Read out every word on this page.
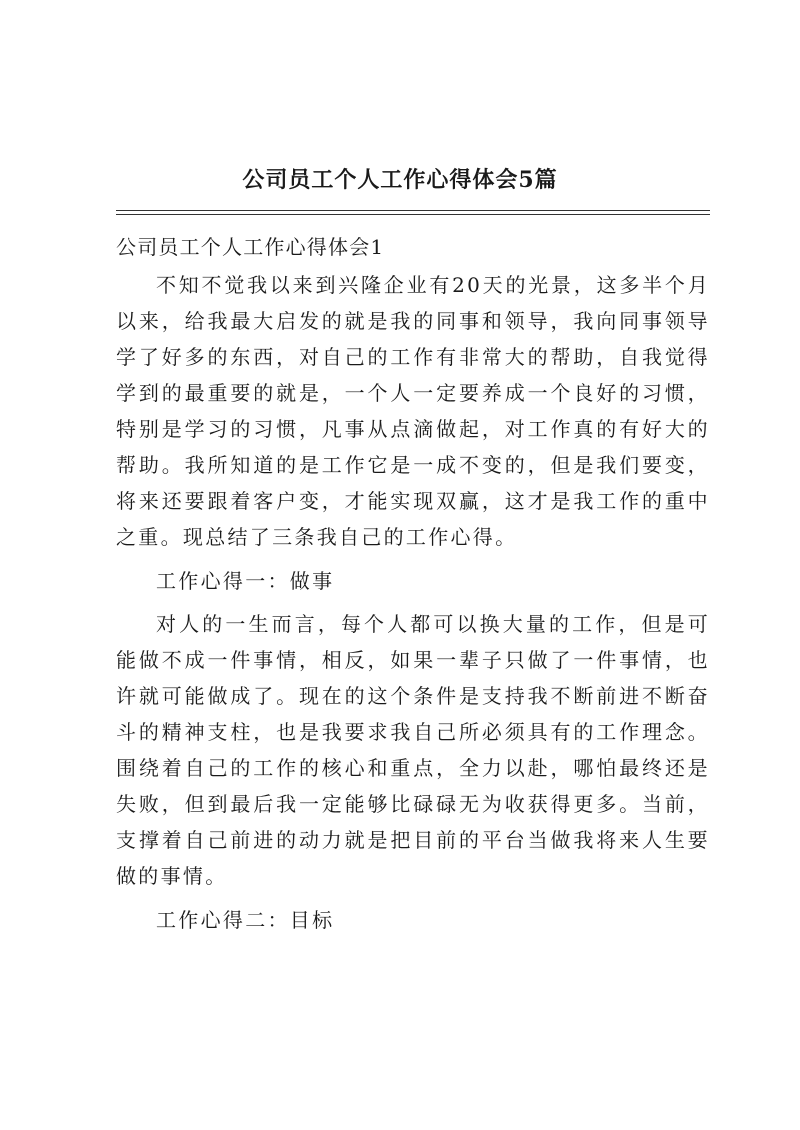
公司员工个人工作心得体会5篇

公司员工个人工作心得体会1

不知不觉我以来到兴隆企业有20天的光景，这多半个月以来，给我最大启发的就是我的同事和领导，我向同事领导学了好多的东西，对自己的工作有非常大的帮助，自我觉得学到的最重要的就是，一个人一定要养成一个良好的习惯，特别是学习的习惯，凡事从点滴做起，对工作真的有好大的帮助。我所知道的是工作它是一成不变的，但是我们要变，将来还要跟着客户变，才能实现双赢，这才是我工作的重中之重。现总结了三条我自己的工作心得。

工作心得一：做事

对人的一生而言，每个人都可以换大量的工作，但是可能做不成一件事情，相反，如果一辈子只做了一件事情，也许就可能做成了。现在的这个条件是支持我不断前进不断奋斗的精神支柱，也是我要求我自己所必须具有的工作理念。围绕着自己的工作的核心和重点，全力以赴，哪怕最终还是失败，但到最后我一定能够比碌碌无为收获得更多。当前，支撑着自己前进的动力就是把目前的平台当做我将来人生要做的事情。

工作心得二：目标
